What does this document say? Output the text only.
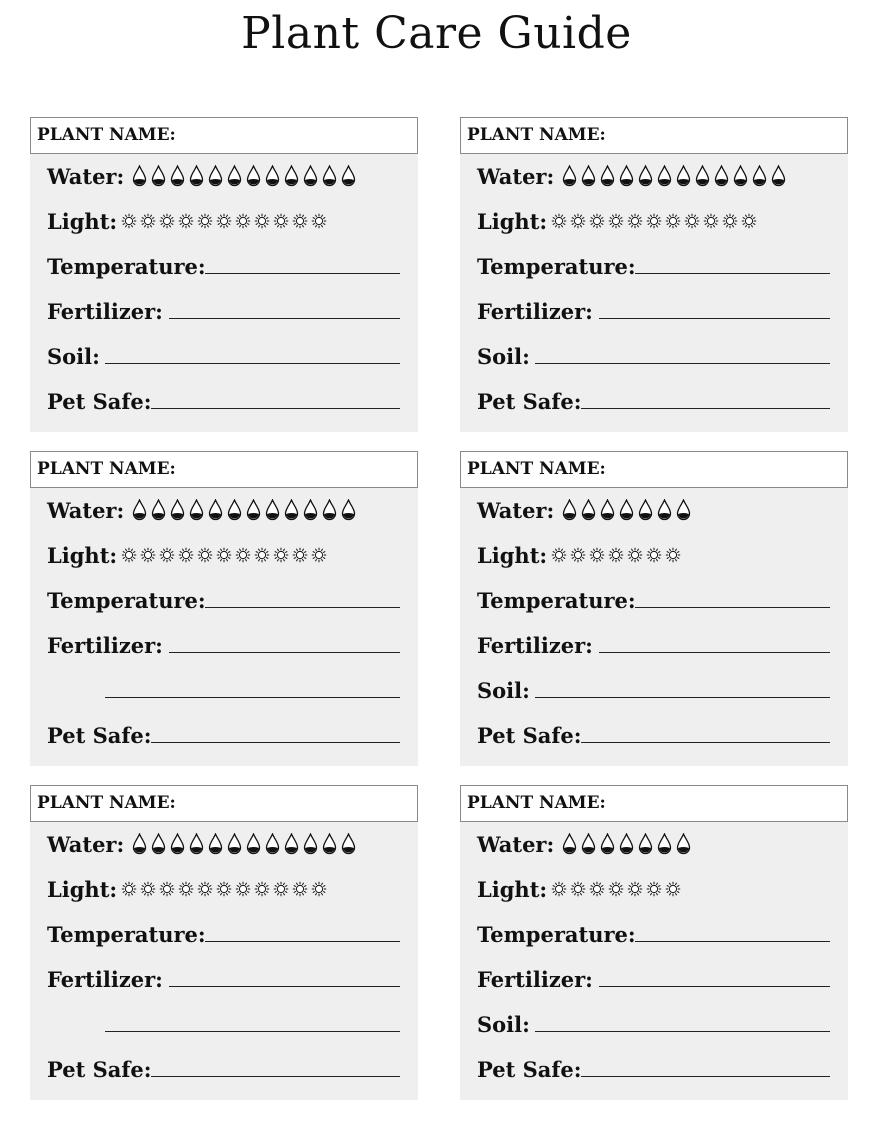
Plant Care Guide
PLANT NAME:
Water:
Light:
Temperature:
Fertilizer:
Soil:
Pet Safe:
PLANT NAME:
Water:
Light:
Temperature:
Fertilizer:
Soil:
Pet Safe:
PLANT NAME:
Water:
Light:
Temperature:
Fertilizer:
Pet Safe:
PLANT NAME:
Water:
Light:
Temperature:
Fertilizer:
Soil:
Pet Safe:
PLANT NAME:
Water:
Light:
Temperature:
Fertilizer:
Pet Safe:
PLANT NAME:
Water:
Light:
Temperature:
Fertilizer:
Soil:
Pet Safe:
